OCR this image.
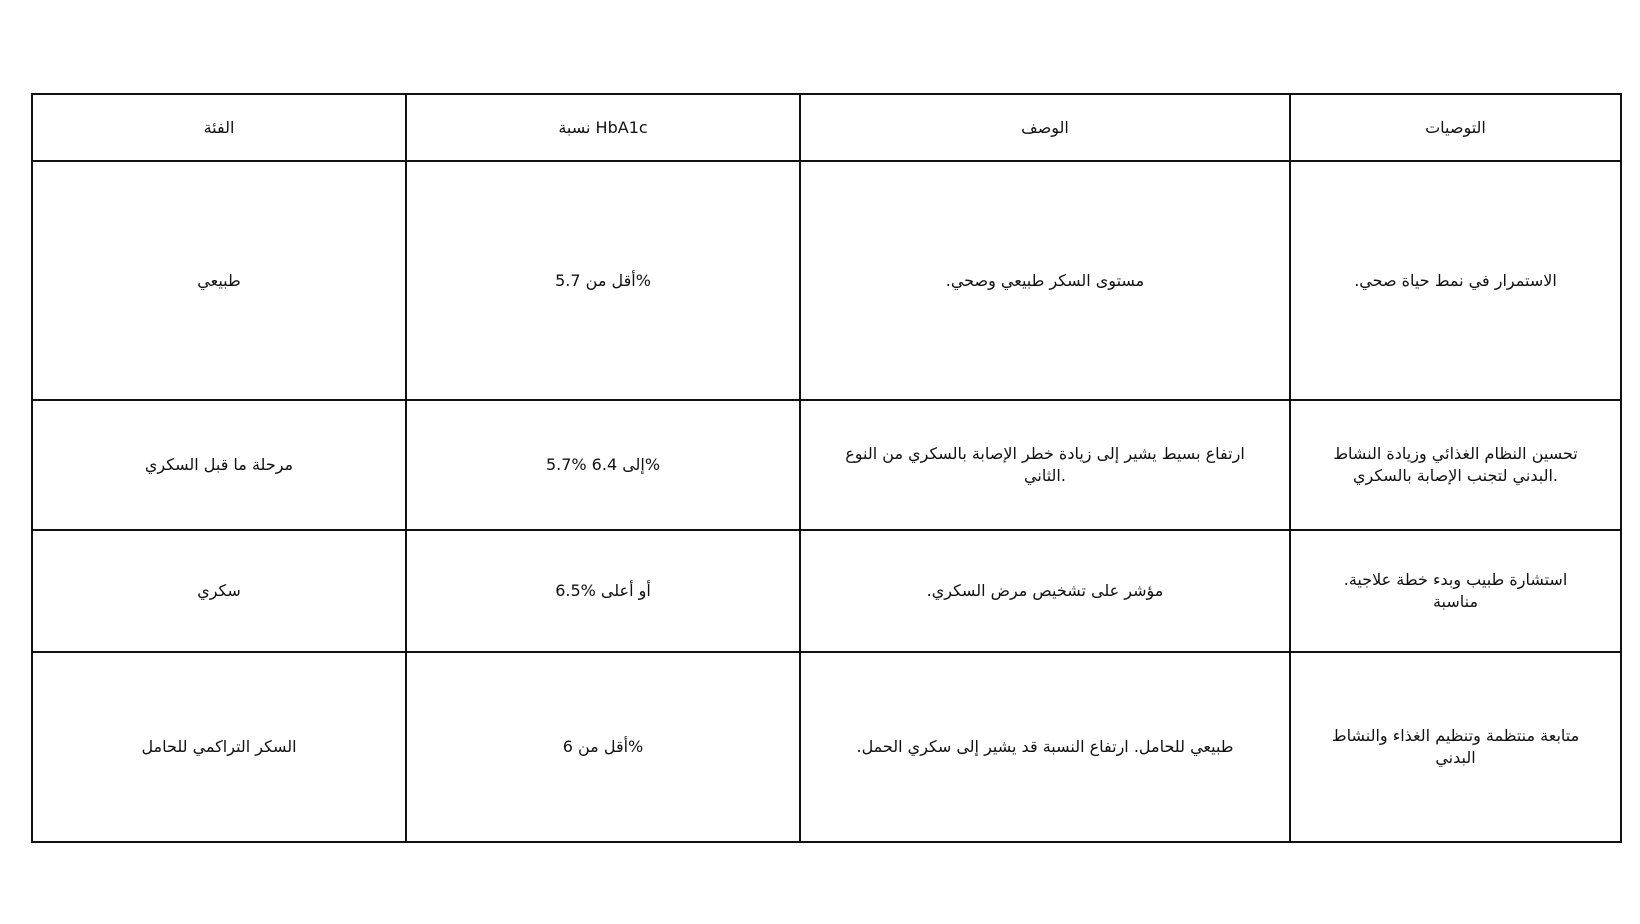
الفئة	نسبة HbA1c	الوصف	التوصيات
طبيعي	5.7 أقل من%	.مستوى السكر طبيعي وصحي	.الاستمرار في نمط حياة صحي
مرحلة ما قبل السكري	5.7% 6.4 إلى%	ارتفاع بسيط يشير إلى زيادة خطر الإصابة بالسكري من النوع .الثاني	تحسين النظام الغذائي وزيادة النشاط .البدني لتجنب الإصابة بالسكري
سكري	6.5% أو أعلى	.مؤشر على تشخيص مرض السكري	.استشارة طبيب وبدء خطة علاجية مناسبة
السكر التراكمي للحامل	6 أقل من%	.طبيعي للحامل. ارتفاع النسبة قد يشير إلى سكري الحمل	متابعة منتظمة وتنظيم الغذاء والنشاط البدني
